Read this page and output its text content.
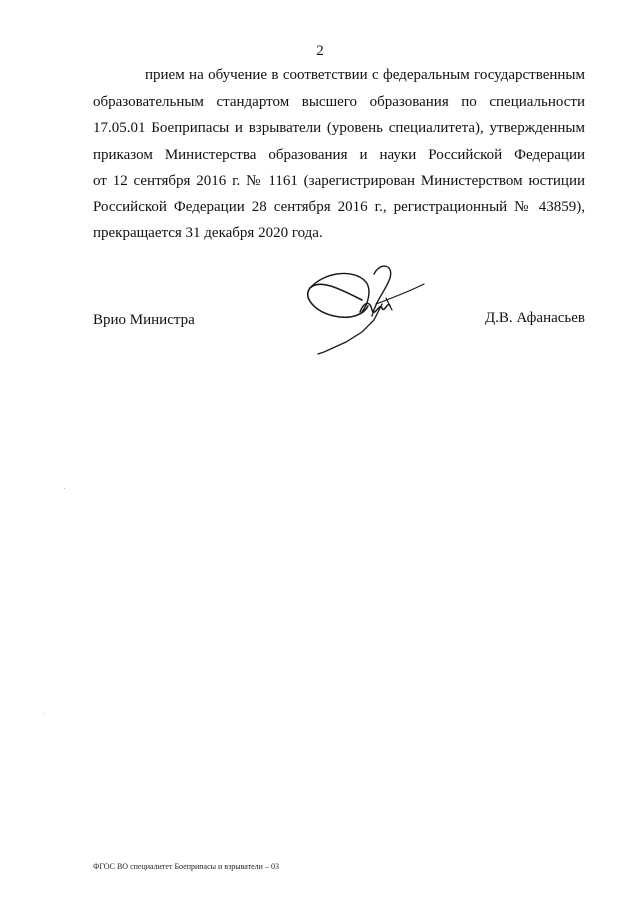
2
прием на обучение в соответствии с федеральным государственным
образовательным стандартом высшего образования по специальности
17.05.01 Боеприпасы и взрыватели (уровень специалитета), утвержденным
приказом Министерства образования и науки Российской Федерации
от 12 сентября 2016 г. № 1161 (зарегистрирован Министерством юстиции
Российской Федерации 28 сентября 2016 г., регистрационный № 43859),
прекращается 31 декабря 2020 года.
Врио Министра	Д.В. Афанасьев
ФГОС ВО специалитет Боеприпасы и взрыватели – 03
